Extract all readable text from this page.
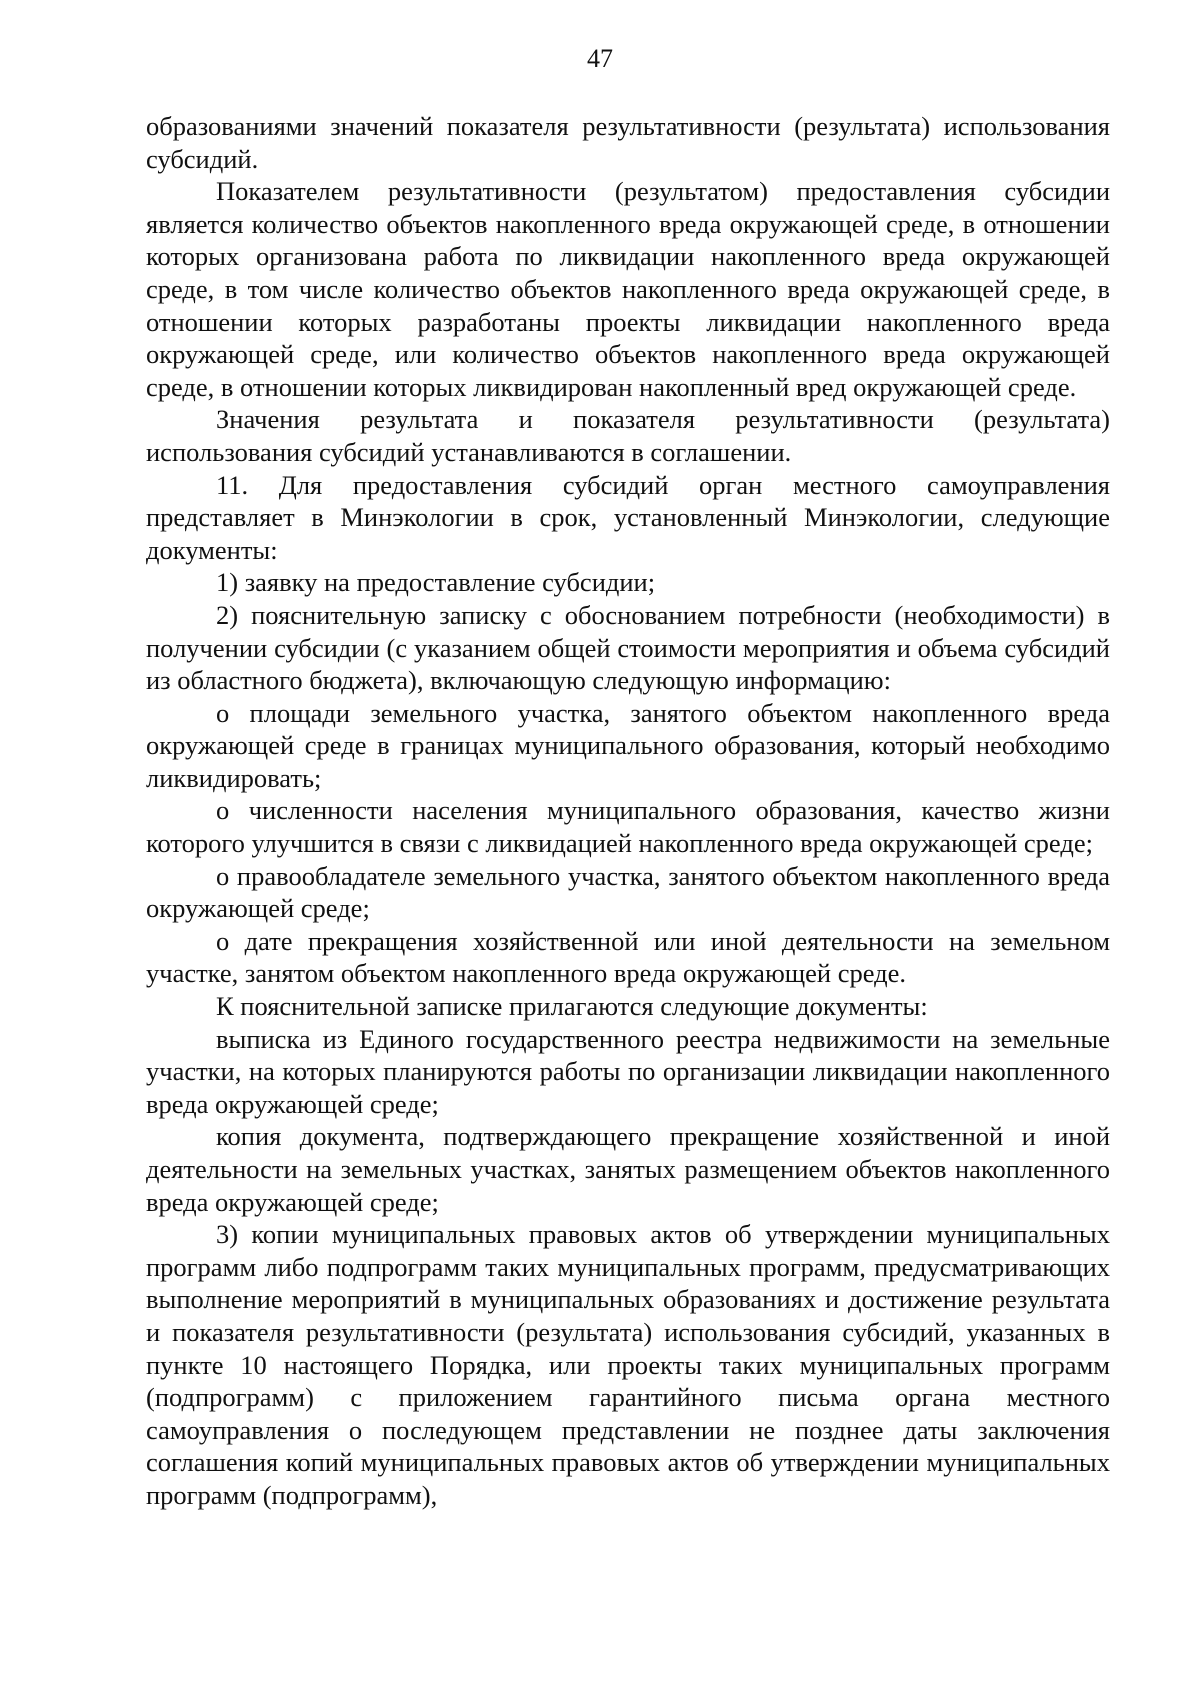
47

образованиями значений показателя результативности (результата) использования субсидий.

Показателем результативности (результатом) предоставления субсидии является количество объектов накопленного вреда окружающей среде, в отношении которых организована работа по ликвидации накопленного вреда окружающей среде, в том числе количество объектов накопленного вреда окружающей среде, в отношении которых разработаны проекты ликвидации накопленного вреда окружающей среде, или количество объектов накопленного вреда окружающей среде, в отношении которых ликвидирован накопленный вред окружающей среде.

Значения результата и показателя результативности (результата) использования субсидий устанавливаются в соглашении.

11. Для предоставления субсидий орган местного самоуправления представляет в Минэкологии в срок, установленный Минэкологии, следующие документы:

1) заявку на предоставление субсидии;

2) пояснительную записку с обоснованием потребности (необходимости) в получении субсидии (с указанием общей стоимости мероприятия и объема субсидий из областного бюджета), включающую следующую информацию:

о площади земельного участка, занятого объектом накопленного вреда окружающей среде в границах муниципального образования, который необходимо ликвидировать;

о численности населения муниципального образования, качество жизни которого улучшится в связи с ликвидацией накопленного вреда окружающей среде;

о правообладателе земельного участка, занятого объектом накопленного вреда окружающей среде;

о дате прекращения хозяйственной или иной деятельности на земельном участке, занятом объектом накопленного вреда окружающей среде.

К пояснительной записке прилагаются следующие документы:

выписка из Единого государственного реестра недвижимости на земельные участки, на которых планируются работы по организации ликвидации накопленного вреда окружающей среде;

копия документа, подтверждающего прекращение хозяйственной и иной деятельности на земельных участках, занятых размещением объектов накопленного вреда окружающей среде;

3) копии муниципальных правовых актов об утверждении муниципальных программ либо подпрограмм таких муниципальных программ, предусматривающих выполнение мероприятий в муниципальных образованиях и достижение результата и показателя результативности (результата) использования субсидий, указанных в пункте 10 настоящего Порядка, или проекты таких муниципальных программ (подпрограмм) с приложением гарантийного письма органа местного самоуправления о последующем представлении не позднее даты заключения соглашения копий муниципальных правовых актов об утверждении муниципальных программ (подпрограмм),
